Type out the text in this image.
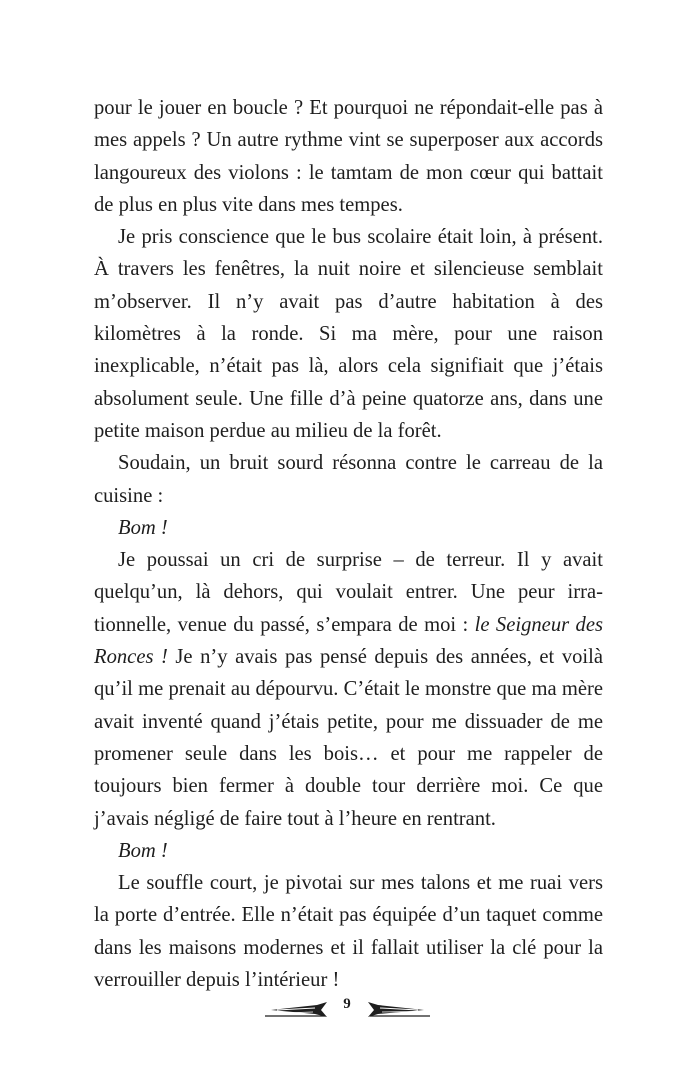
pour le jouer en boucle ? Et pourquoi ne répondait-elle pas à mes appels ? Un autre rythme vint se superposer aux accords langoureux des violons : le tamtam de mon cœur qui battait de plus en plus vite dans mes tempes.

Je pris conscience que le bus scolaire était loin, à présent. À travers les fenêtres, la nuit noire et silencieuse semblait m’observer. Il n’y avait pas d’autre habitation à des kilomètres à la ronde. Si ma mère, pour une raison inexplicable, n’était pas là, alors cela signifiait que j’étais absolument seule. Une fille d’à peine quatorze ans, dans une petite maison perdue au milieu de la forêt.

Soudain, un bruit sourd résonna contre le carreau de la cuisine :

Bom !

Je poussai un cri de surprise – de terreur. Il y avait quelqu’un, là dehors, qui voulait entrer. Une peur irrationnelle, venue du passé, s’empara de moi : le Seigneur des Ronces ! Je n’y avais pas pensé depuis des années, et voilà qu’il me prenait au dépourvu. C’était le monstre que ma mère avait inventé quand j’étais petite, pour me dissuader de me promener seule dans les bois… et pour me rappeler de toujours bien fermer à double tour derrière moi. Ce que j’avais négligé de faire tout à l’heure en rentrant.

Bom !

Le souffle court, je pivotai sur mes talons et me ruai vers la porte d’entrée. Elle n’était pas équipée d’un taquet comme dans les maisons modernes et il fallait utiliser la clé pour la verrouiller depuis l’intérieur !

9
